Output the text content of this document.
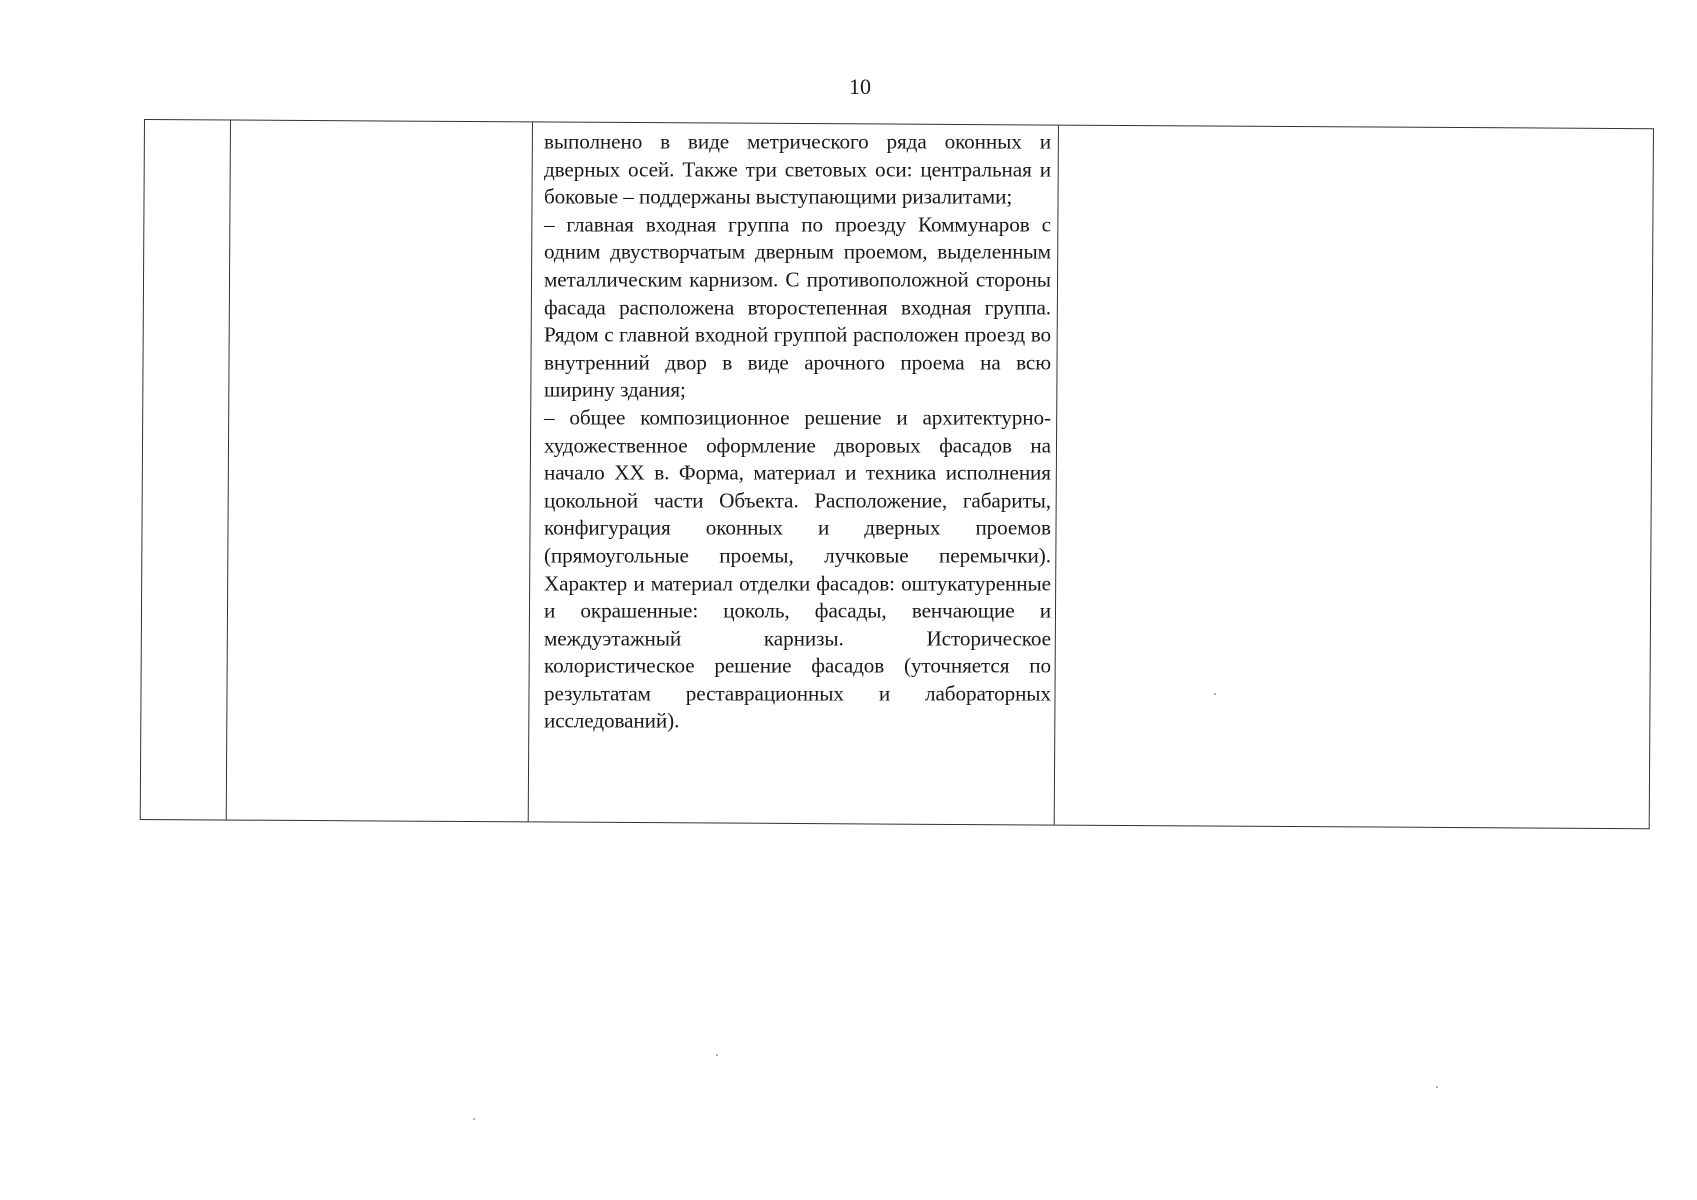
10

выполнено в виде метрического ряда оконных и дверных осей. Также три световых оси: центральная и боковые – поддержаны выступающими ризалитами;

– главная входная группа по проезду Коммунаров с одним двустворчатым дверным проемом, выделенным металлическим карнизом. С противоположной стороны фасада расположена второстепенная входная группа. Рядом с главной входной группой расположен проезд во внутренний двор в виде арочного проема на всю ширину здания;

– общее композиционное решение и архитектурно-художественное оформление дворовых фасадов на начало XX в. Форма, материал и техника исполнения цокольной части Объекта. Расположение, габариты, конфигурация оконных и дверных проемов (прямоугольные проемы, лучковые перемычки). Характер и материал отделки фасадов: оштукатуренные и окрашенные: цоколь, фасады, венчающие и междуэтажный карнизы. Историческое колористическое решение фасадов (уточняется по результатам реставрационных и лабораторных исследований).
